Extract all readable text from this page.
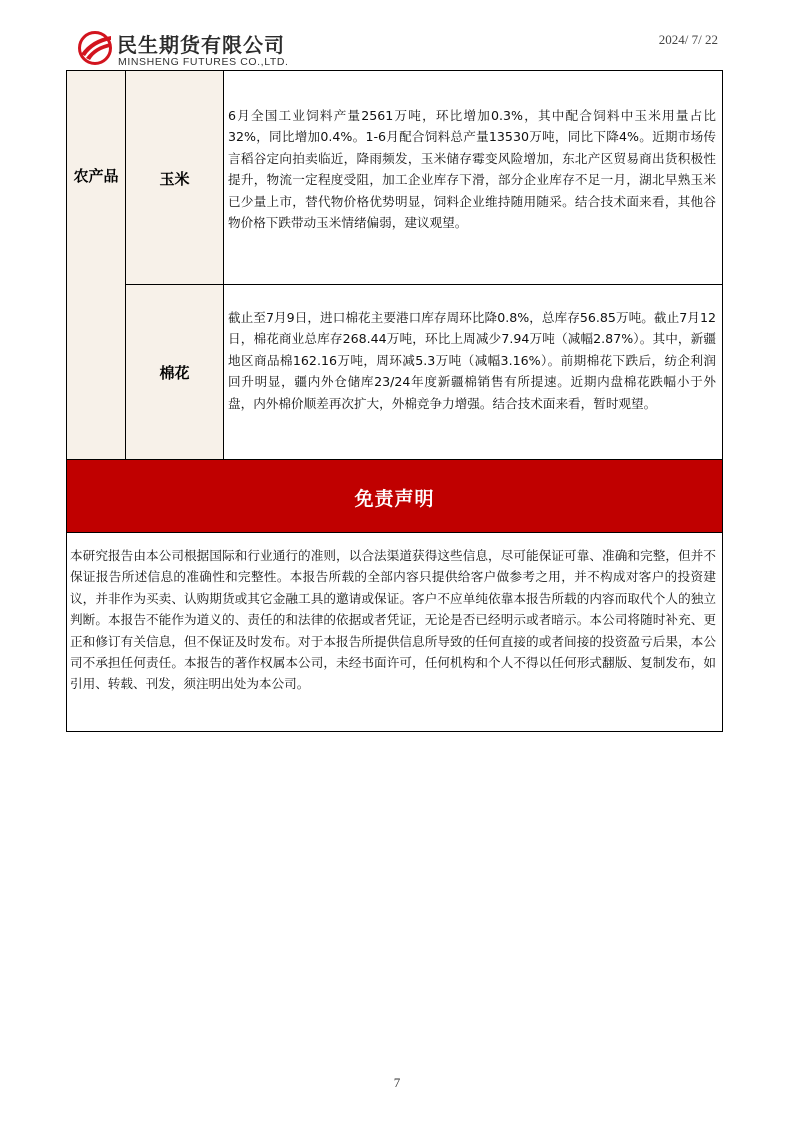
民生期货有限公司
MINSHENG FUTURES CO.,LTD.
2024/ 7/ 22
农产品	玉米
6月全国工业饲料产量2561万吨，环比增加0.3%，其中配合饲料中玉米用量占比32%，同比增加0.4%。1-6月配合饲料总产量13530万吨，同比下降4%。近期市场传言稻谷定向拍卖临近，降雨频发，玉米储存霉变风险增加，东北产区贸易商出货积极性提升，物流一定程度受阻，加工企业库存下滑，部分企业库存不足一月，湖北早熟玉米已少量上市，替代物价格优势明显，饲料企业维持随用随采。结合技术面来看，其他谷物价格下跌带动玉米情绪偏弱，建议观望。
棉花
截止至7月9日，进口棉花主要港口库存周环比降0.8%，总库存56.85万吨。截止7月12日，棉花商业总库存268.44万吨，环比上周减少7.94万吨（减幅2.87%）。其中，新疆地区商品棉162.16万吨，周环减5.3万吨（减幅3.16%）。前期棉花下跌后，纺企利润回升明显，疆内外仓储库23/24年度新疆棉销售有所提速。近期内盘棉花跌幅小于外盘，内外棉价顺差再次扩大，外棉竞争力增强。结合技术面来看，暂时观望。
免责声明
本研究报告由本公司根据国际和行业通行的准则，以合法渠道获得这些信息，尽可能保证可靠、准确和完整，但并不保证报告所述信息的准确性和完整性。本报告所载的全部内容只提供给客户做参考之用，并不构成对客户的投资建议，并非作为买卖、认购期货或其它金融工具的邀请或保证。客户不应单纯依靠本报告所载的内容而取代个人的独立判断。本报告不能作为道义的、责任的和法律的依据或者凭证，无论是否已经明示或者暗示。本公司将随时补充、更正和修订有关信息，但不保证及时发布。对于本报告所提供信息所导致的任何直接的或者间接的投资盈亏后果，本公司不承担任何责任。本报告的著作权属本公司，未经书面许可，任何机构和个人不得以任何形式翻版、复制发布，如引用、转载、刊发，须注明出处为本公司。
7
